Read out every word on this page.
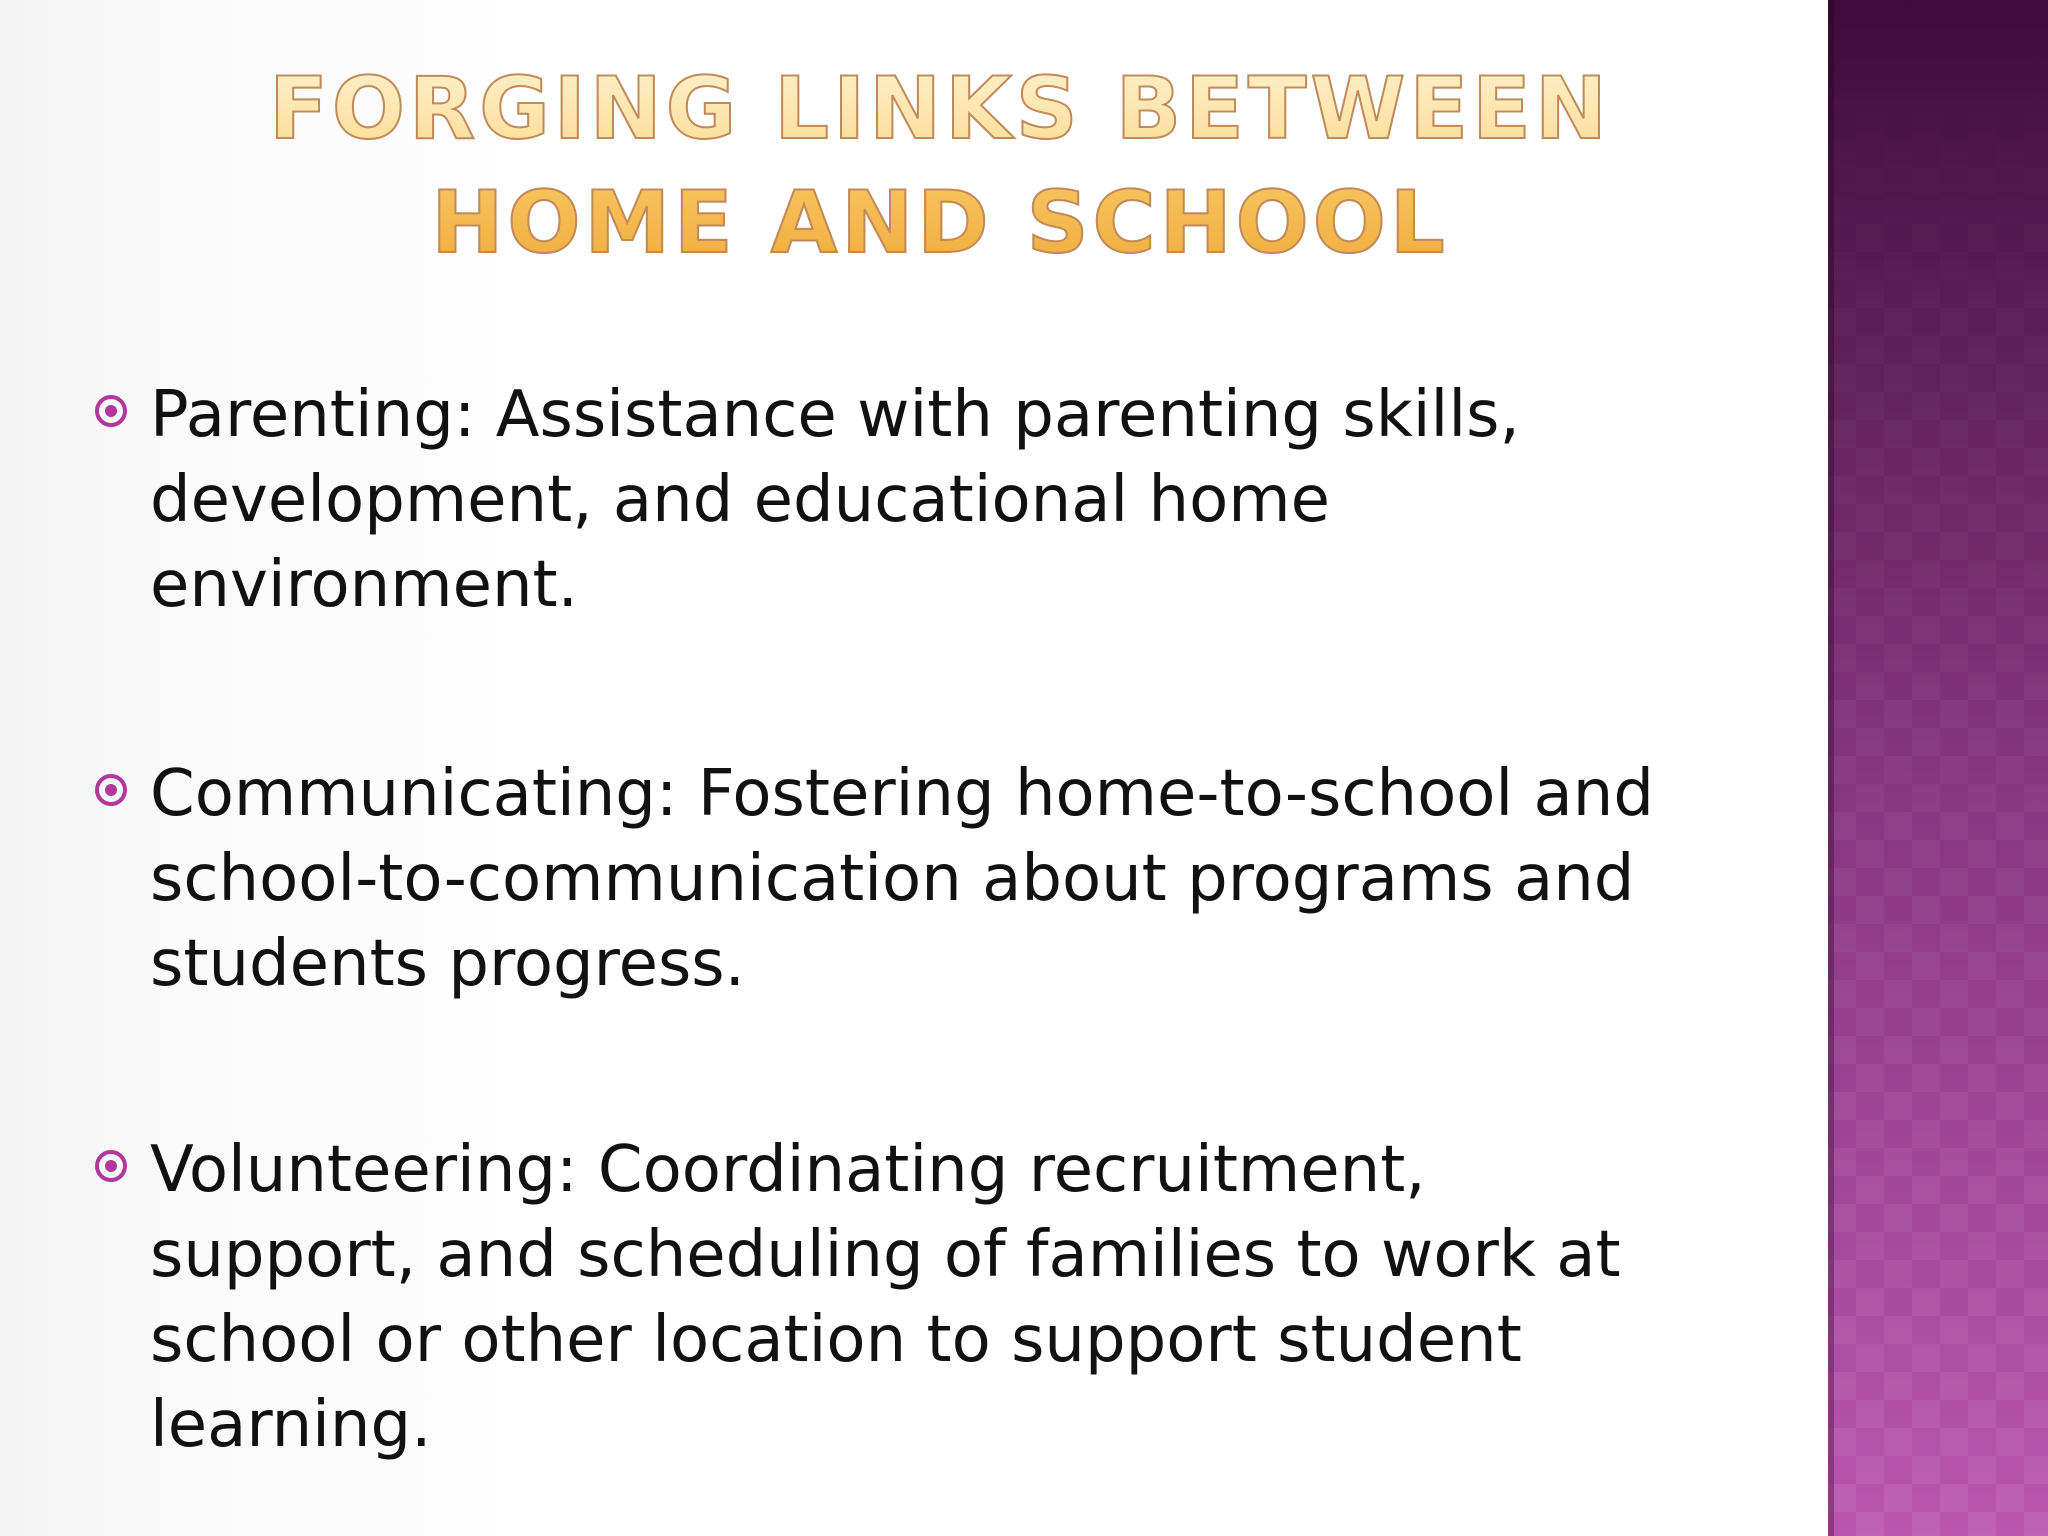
FORGING LINKS BETWEEN HOME AND SCHOOL
Parenting: Assistance with parenting skills,
development, and educational home
environment.
Communicating: Fostering home-to-school and
school-to-communication about programs and
students progress.
Volunteering: Coordinating recruitment,
support, and scheduling of families to work at
school or other location to support student
learning.
